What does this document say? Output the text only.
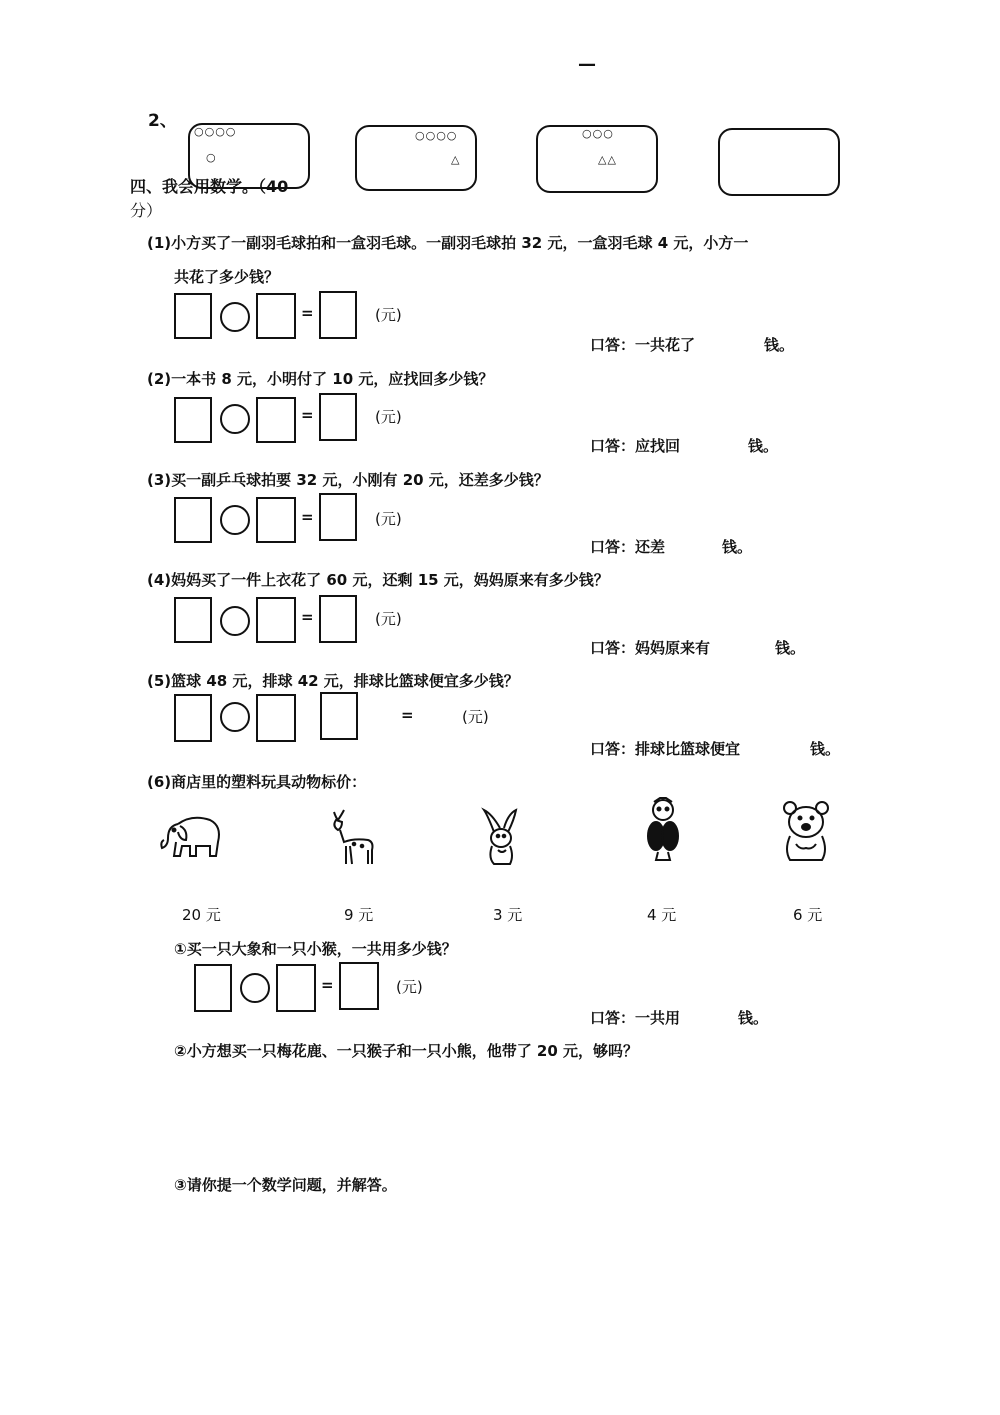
—
2、
○○○○
○
○○○○
△
○○○
△△
四、我会用数学。（40
分）
(1)小方买了一副羽毛球拍和一盒羽毛球。一副羽毛球拍 32 元，一盒羽毛球 4 元，小方一
共花了多少钱？
=	(元)
口答：一共花了	钱。
(2)一本书 8 元，小明付了 10 元，应找回多少钱？
=	(元)
口答：应找回	钱。
(3)买一副乒乓球拍要 32 元，小刚有 20 元，还差多少钱？
=	(元)
口答：还差	钱。
(4)妈妈买了一件上衣花了 60 元，还剩 15 元，妈妈原来有多少钱？
=	(元)
口答：妈妈原来有	钱。
(5)篮球 48 元，排球 42 元，排球比篮球便宜多少钱？
=	(元)
口答：排球比篮球便宜	钱。
(6)商店里的塑料玩具动物标价：
20 元	9 元	3 元	4 元	6 元
①买一只大象和一只小猴，一共用多少钱？
=	(元)
口答：一共用	钱。
②小方想买一只梅花鹿、一只猴子和一只小熊，他带了 20 元，够吗？
③请你提一个数学问题，并解答。
